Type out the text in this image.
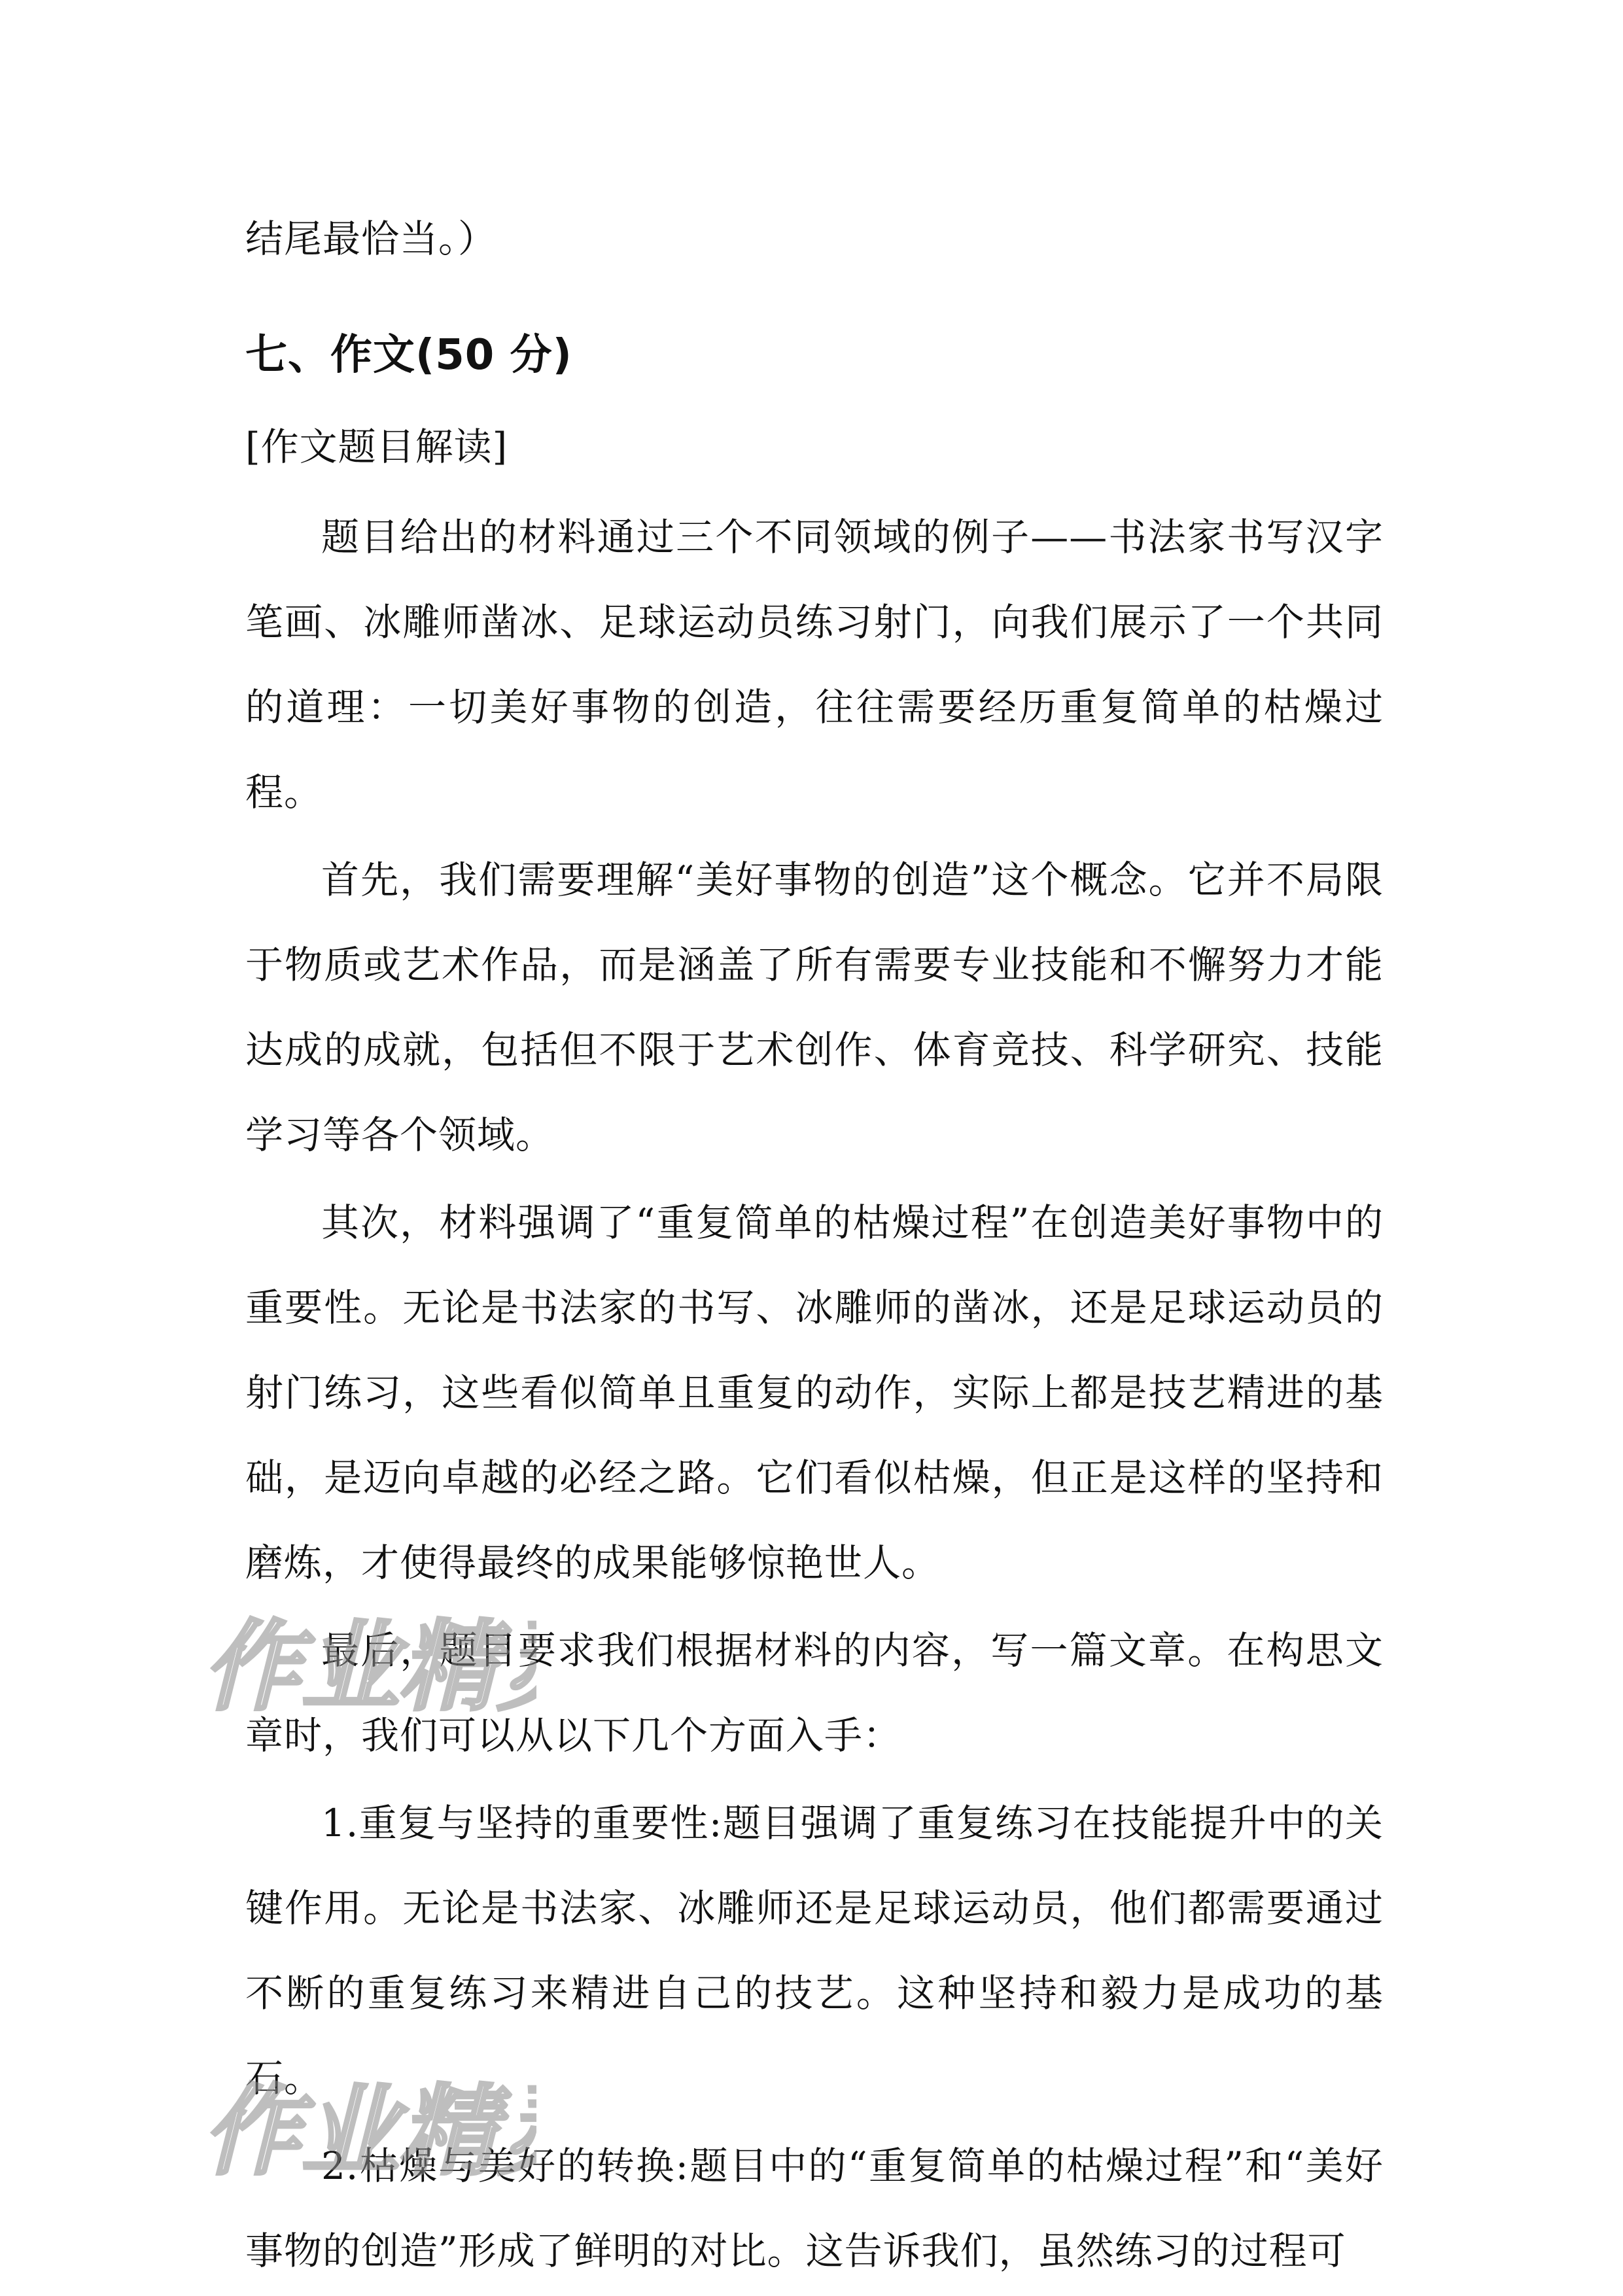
结尾最恰当。）

七、作文(50 分)

[作文题目解读]

题目给出的材料通过三个不同领域的例子——书法家书写汉字笔画、冰雕师凿冰、足球运动员练习射门，向我们展示了一个共同的道理：一切美好事物的创造，往往需要经历重复简单的枯燥过程。

首先，我们需要理解“美好事物的创造”这个概念。它并不局限于物质或艺术作品，而是涵盖了所有需要专业技能和不懈努力才能达成的成就，包括但不限于艺术创作、体育竞技、科学研究、技能学习等各个领域。

其次，材料强调了“重复简单的枯燥过程”在创造美好事物中的重要性。无论是书法家的书写、冰雕师的凿冰，还是足球运动员的射门练习，这些看似简单且重复的动作，实际上都是技艺精进的基础，是迈向卓越的必经之路。它们看似枯燥，但正是这样的坚持和磨炼，才使得最终的成果能够惊艳世人。

最后，题目要求我们根据材料的内容，写一篇文章。在构思文章时，我们可以从以下几个方面入手：

1.重复与坚持的重要性:题目强调了重复练习在技能提升中的关键作用。无论是书法家、冰雕师还是足球运动员，他们都需要通过不断的重复练习来精进自己的技艺。这种坚持和毅力是成功的基石。

2.枯燥与美好的转换:题目中的“重复简单的枯燥过程”和“美好事物的创造”形成了鲜明的对比。这告诉我们，虽然练习的过程可

作业精
作业精
